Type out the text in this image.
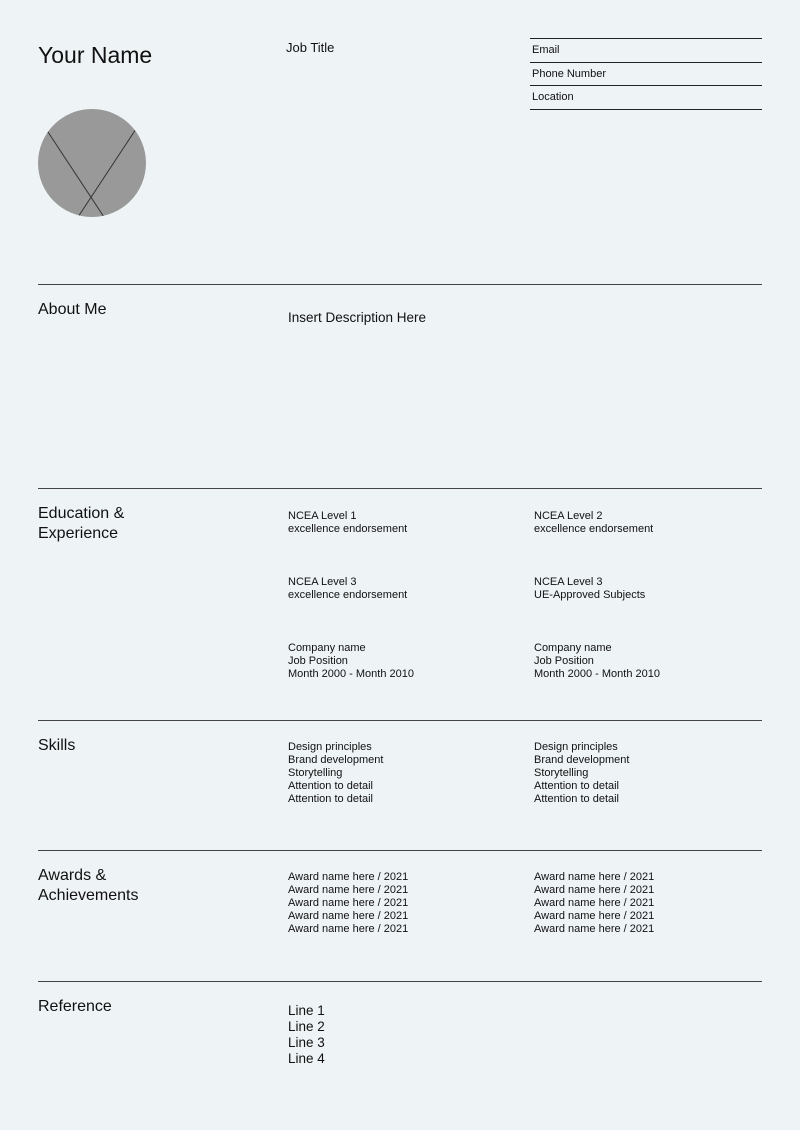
Your Name	Job Title	Email
Phone Number
Location
About Me	Insert Description Here
Education &
Experience
NCEA Level 1
excellence endorsement
NCEA Level 2
excellence endorsement
NCEA Level 3
excellence endorsement
NCEA Level 3
UE-Approved Subjects
Company name
Job Position
Month 2000 - Month 2010
Company name
Job Position
Month 2000 - Month 2010
Skills	Design principles
Brand development
Storytelling
Attention to detail
Attention to detail
Design principles
Brand development
Storytelling
Attention to detail
Attention to detail
Awards &
Achievements
Award name here / 2021
Award name here / 2021
Award name here / 2021
Award name here / 2021
Award name here / 2021
Award name here / 2021
Award name here / 2021
Award name here / 2021
Award name here / 2021
Award name here / 2021
Reference	Line 1
Line 2
Line 3
Line 4
